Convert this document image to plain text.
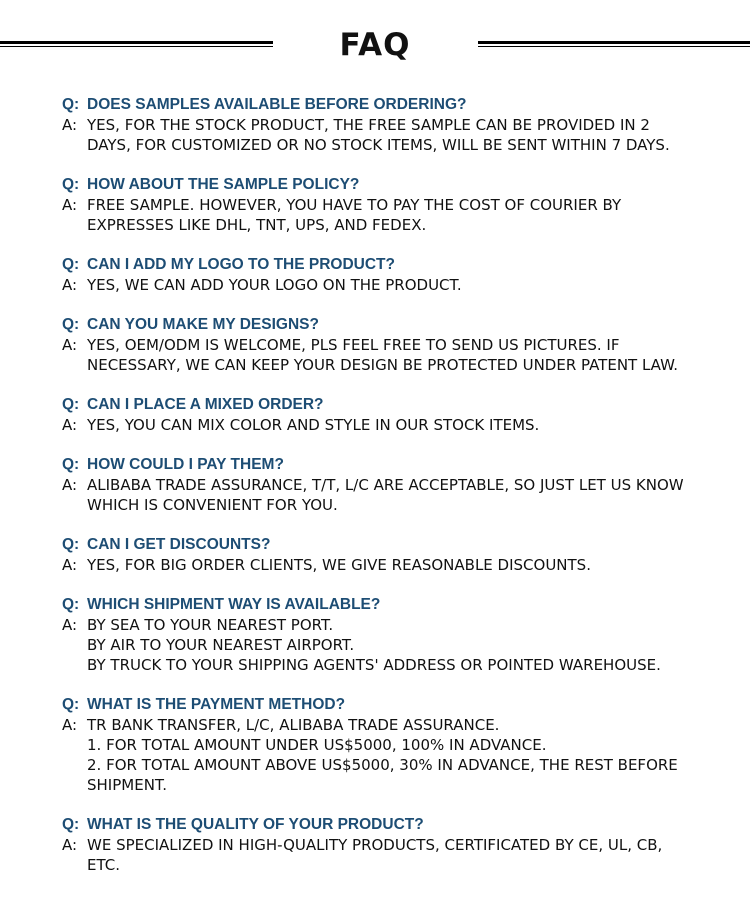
FAQ
Q: DOES SAMPLES AVAILABLE BEFORE ORDERING?
A: YES, FOR THE STOCK PRODUCT, THE FREE SAMPLE CAN BE PROVIDED IN 2
DAYS, FOR CUSTOMIZED OR NO STOCK ITEMS, WILL BE SENT WITHIN 7 DAYS.
Q: HOW ABOUT THE SAMPLE POLICY?
A: FREE SAMPLE. HOWEVER, YOU HAVE TO PAY THE COST OF COURIER BY
EXPRESSES LIKE DHL, TNT, UPS, AND FEDEX.
Q: CAN I ADD MY LOGO TO THE PRODUCT?
A: YES, WE CAN ADD YOUR LOGO ON THE PRODUCT.
Q: CAN YOU MAKE MY DESIGNS?
A: YES, OEM/ODM IS WELCOME, PLS FEEL FREE TO SEND US PICTURES. IF
NECESSARY, WE CAN KEEP YOUR DESIGN BE PROTECTED UNDER PATENT LAW.
Q: CAN I PLACE A MIXED ORDER?
A: YES, YOU CAN MIX COLOR AND STYLE IN OUR STOCK ITEMS.
Q: HOW COULD I PAY THEM?
A: ALIBABA TRADE ASSURANCE, T/T, L/C ARE ACCEPTABLE, SO JUST LET US KNOW
WHICH IS CONVENIENT FOR YOU.
Q: CAN I GET DISCOUNTS?
A: YES, FOR BIG ORDER CLIENTS, WE GIVE REASONABLE DISCOUNTS.
Q: WHICH SHIPMENT WAY IS AVAILABLE?
A: BY SEA TO YOUR NEAREST PORT.
BY AIR TO YOUR NEAREST AIRPORT.
BY TRUCK TO YOUR SHIPPING AGENTS' ADDRESS OR POINTED WAREHOUSE.
Q: WHAT IS THE PAYMENT METHOD?
A: TR BANK TRANSFER, L/C, ALIBABA TRADE ASSURANCE.
1. FOR TOTAL AMOUNT UNDER US$5000, 100% IN ADVANCE.
2. FOR TOTAL AMOUNT ABOVE US$5000, 30% IN ADVANCE, THE REST BEFORE
SHIPMENT.
Q: WHAT IS THE QUALITY OF YOUR PRODUCT?
A: WE SPECIALIZED IN HIGH-QUALITY PRODUCTS, CERTIFICATED BY CE, UL, CB,
ETC.
